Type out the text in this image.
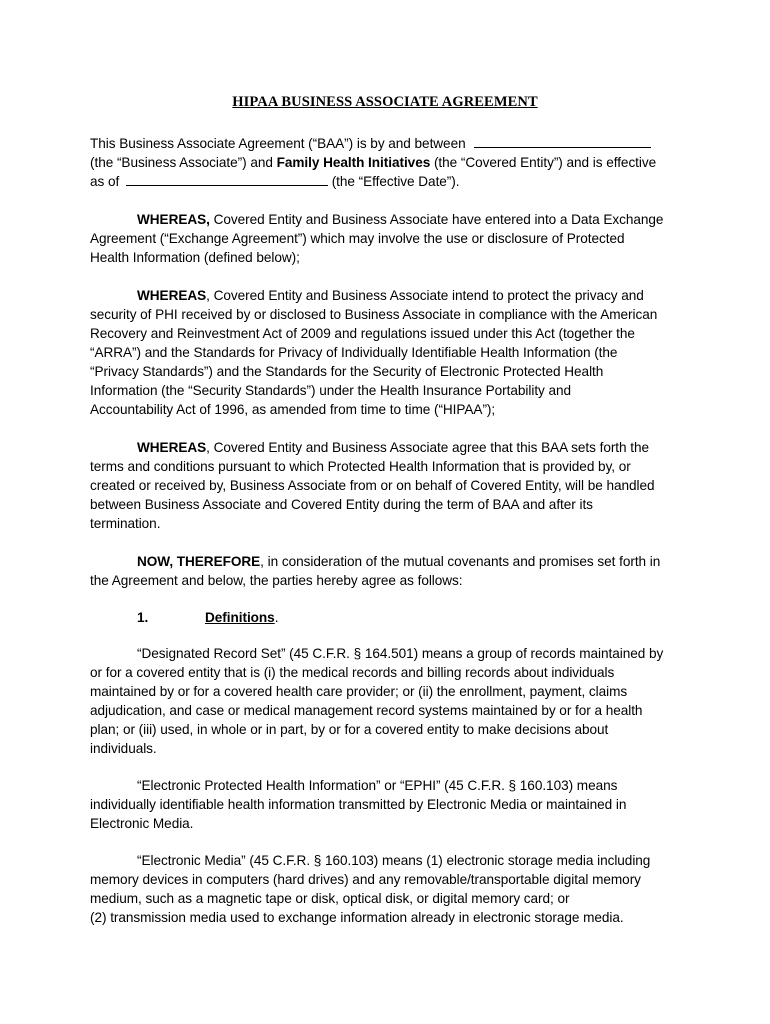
HIPAA BUSINESS ASSOCIATE AGREEMENT
This Business Associate Agreement (“BAA”) is by and between
(the “Business Associate”) and Family Health Initiatives (the “Covered Entity”) and is effective
as of	(the “Effective Date”).
WHEREAS, Covered Entity and Business Associate have entered into a Data Exchange
Agreement (“Exchange Agreement”) which may involve the use or disclosure of Protected
Health Information (defined below);
WHEREAS, Covered Entity and Business Associate intend to protect the privacy and
security of PHI received by or disclosed to Business Associate in compliance with the American
Recovery and Reinvestment Act of 2009 and regulations issued under this Act (together the
“ARRA”) and the Standards for Privacy of Individually Identifiable Health Information (the
“Privacy Standards”) and the Standards for the Security of Electronic Protected Health
Information (the “Security Standards”) under the Health Insurance Portability and
Accountability Act of 1996, as amended from time to time (“HIPAA”);
WHEREAS, Covered Entity and Business Associate agree that this BAA sets forth the
terms and conditions pursuant to which Protected Health Information that is provided by, or
created or received by, Business Associate from or on behalf of Covered Entity, will be handled
between Business Associate and Covered Entity during the term of BAA and after its
termination.
NOW, THEREFORE, in consideration of the mutual covenants and promises set forth in
the Agreement and below, the parties hereby agree as follows:
1.	Definitions.
“Designated Record Set” (45 C.F.R. § 164.501) means a group of records maintained by
or for a covered entity that is (i) the medical records and billing records about individuals
maintained by or for a covered health care provider; or (ii) the enrollment, payment, claims
adjudication, and case or medical management record systems maintained by or for a health
plan; or (iii) used, in whole or in part, by or for a covered entity to make decisions about
individuals.
“Electronic Protected Health Information” or “EPHI” (45 C.F.R. § 160.103) means
individually identifiable health information transmitted by Electronic Media or maintained in
Electronic Media.
“Electronic Media” (45 C.F.R. § 160.103) means (1) electronic storage media including
memory devices in computers (hard drives) and any removable/transportable digital memory
medium, such as a magnetic tape or disk, optical disk, or digital memory card; or
(2) transmission media used to exchange information already in electronic storage media.
